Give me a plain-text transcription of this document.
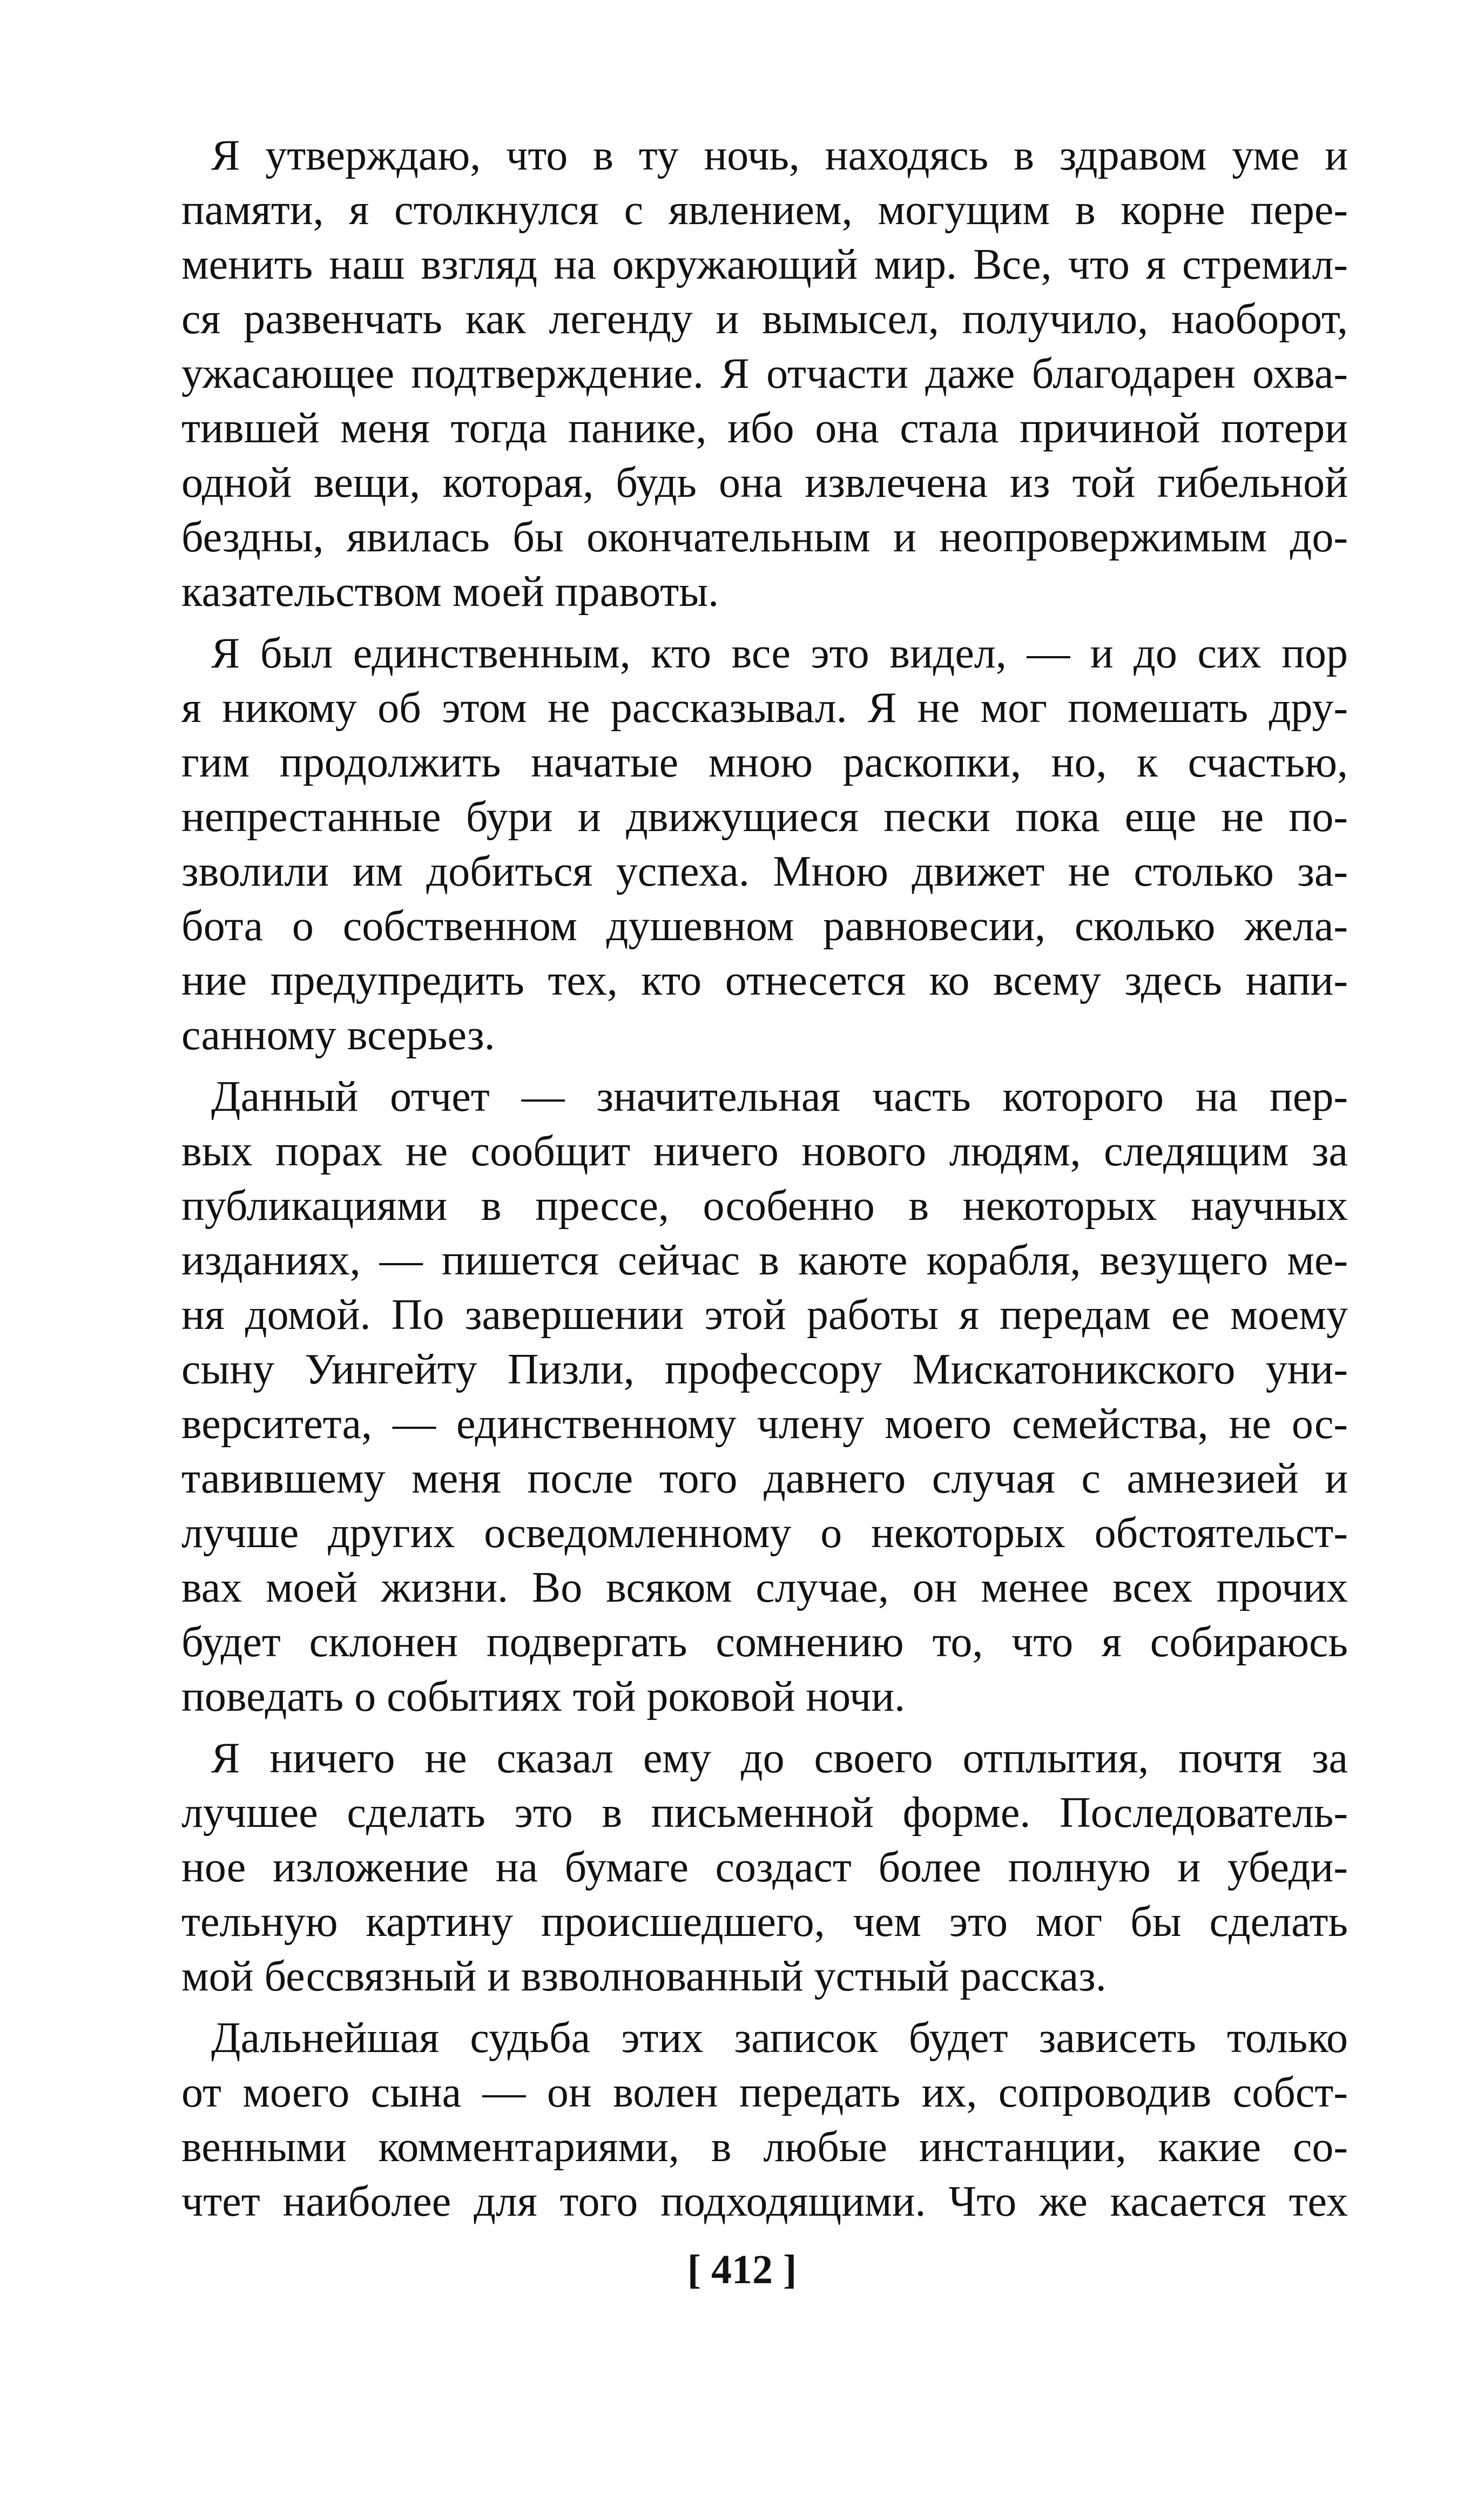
Я утверждаю, что в ту ночь, находясь в здравом уме и
памяти, я столкнулся с явлением, могущим в корне пере-
менить наш взгляд на окружающий мир. Все, что я стремил-
ся развенчать как легенду и вымысел, получило, наоборот,
ужасающее подтверждение. Я отчасти даже благодарен охва-
тившей меня тогда панике, ибо она стала причиной потери
одной вещи, которая, будь она извлечена из той гибельной
бездны, явилась бы окончательным и неопровержимым до-
казательством моей правоты.
Я был единственным, кто все это видел, — и до сих пор
я никому об этом не рассказывал. Я не мог помешать дру-
гим продолжить начатые мною раскопки, но, к счастью,
непрестанные бури и движущиеся пески пока еще не по-
зволили им добиться успеха. Мною движет не столько за-
бота о собственном душевном равновесии, сколько жела-
ние предупредить тех, кто отнесется ко всему здесь напи-
санному всерьез.
Данный отчет — значительная часть которого на пер-
вых порах не сообщит ничего нового людям, следящим за
публикациями в прессе, особенно в некоторых научных
изданиях, — пишется сейчас в каюте корабля, везущего ме-
ня домой. По завершении этой работы я передам ее моему
сыну Уингейту Пизли, профессору Мискатоникского уни-
верситета, — единственному члену моего семейства, не ос-
тавившему меня после того давнего случая с амнезией и
лучше других осведомленному о некоторых обстоятельст-
вах моей жизни. Во всяком случае, он менее всех прочих
будет склонен подвергать сомнению то, что я собираюсь
поведать о событиях той роковой ночи.
Я ничего не сказал ему до своего отплытия, почтя за
лучшее сделать это в письменной форме. Последователь-
ное изложение на бумаге создаст более полную и убеди-
тельную картину происшедшего, чем это мог бы сделать
мой бессвязный и взволнованный устный рассказ.
Дальнейшая судьба этих записок будет зависеть только
от моего сына — он волен передать их, сопроводив собст-
венными комментариями, в любые инстанции, какие со-
чтет наиболее для того подходящими. Что же касается тех
[ 412 ]
